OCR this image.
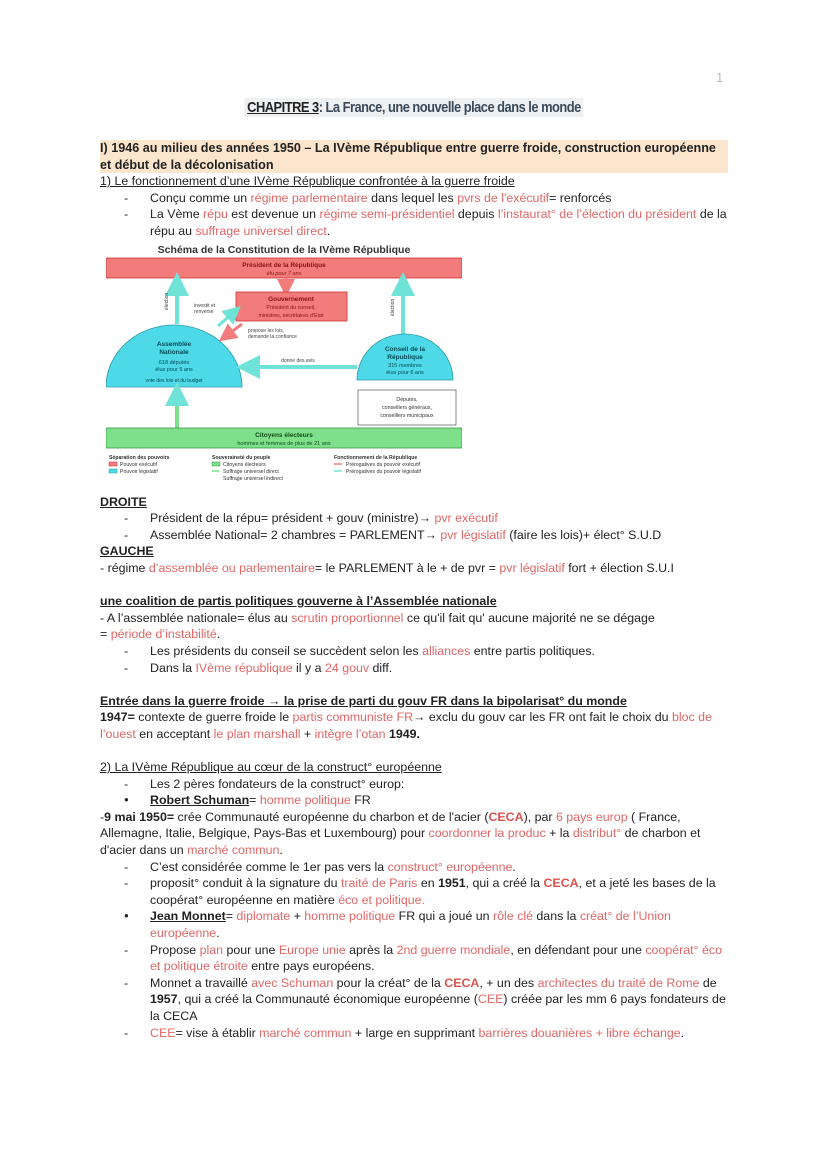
1
CHAPITRE 3: La France, une nouvelle place dans le monde
I) 1946 au milieu des années 1950 – La IVème République entre guerre froide, construction européenne et début de la décolonisation
1) Le fonctionnement d’une IVème République confrontée à la guerre froide
- Conçu comme un régime parlementaire dans lequel les pvrs de l'exécutif= renforcés
- La Vème répu est devenue un régime semi-présidentiel depuis l’instaurat° de l’élection du président de la répu au suffrage universel direct.
Schéma de la Constitution de la IVème République
Président de la République
élu pour 7 ans
Gouvernement
Président du conseil,
ministres, secrétaires d'Etat
élection	élection
investit et
renverse
propose les lois,
demande la confiance
Assemblée
Nationale
618 députés
élus pour 5 ans
vote des lois et du budget
Conseil de la
République
315 membres
élus pour 6 ans
donne des avis
Députés,
conseillers généraux,
conseillers municipaux
Citoyens électeurs
hommes et femmes de plus de 21 ans
Séparation des pouvoirs
Pouvoir exécutif
Pouvoir législatif
Souveraineté du peuple
Citoyens électeurs
Suffrage universel direct
Suffrage universel indirect
Fonctionnement de la République
Prérogatives du pouvoir exécutif
Prérogatives du pouvoir législatif
DROITE
- Président de la répu= président + gouv (ministre)→ pvr exécutif
- Assemblée National= 2 chambres = PARLEMENT→ pvr législatif (faire les lois)+ élect° S.U.D
GAUCHE
- régime d’assemblée ou parlementaire= le PARLEMENT à le + de pvr = pvr législatif fort + élection S.U.I
une coalition de partis politiques gouverne à l’Assemblée nationale
- A l’assemblée nationale= élus au scrutin proportionnel ce qu'il fait qu' aucune majorité ne se dégage
= période d’instabilité.
- Les présidents du conseil se succèdent selon les alliances entre partis politiques.
- Dans la IVème république il y a 24 gouv diff.
Entrée dans la guerre froide → la prise de parti du gouv FR dans la bipolarisat° du monde
1947= contexte de guerre froide le partis communiste FR→ exclu du gouv car les FR ont fait le choix du bloc de l’ouest en acceptant le plan marshall + intègre l’otan 1949.
2) La IVème République au cœur de la construct° européenne
- Les 2 pères fondateurs de la construct° europ:
● Robert Schuman= homme politique FR
-9 mai 1950= crée Communauté européenne du charbon et de l'acier (CECA), par 6 pays europ ( France, Allemagne, Italie, Belgique, Pays-Bas et Luxembourg) pour coordonner la produc + la distribut° de charbon et d'acier dans un marché commun.
- C’est considérée comme le 1er pas vers la construct° européenne.
- proposit° conduit à la signature du traité de Paris en 1951, qui a créé la CECA, et a jeté les bases de la coopérat° européenne en matière éco et politique.
● Jean Monnet= diplomate + homme politique FR qui a joué un rôle clé dans la créat° de l’Union européenne.
- Propose plan pour une Europe unie après la 2nd guerre mondiale, en défendant pour une coopérat° éco et politique étroite entre pays européens.
- Monnet a travaillé avec Schuman pour la créat° de la CECA, + un des architectes du traité de Rome de 1957, qui a créé la Communauté économique européenne (CEE) créée par les mm 6 pays fondateurs de la CECA
- CEE= vise à établir marché commun + large en supprimant barrières douanières + libre échange.
